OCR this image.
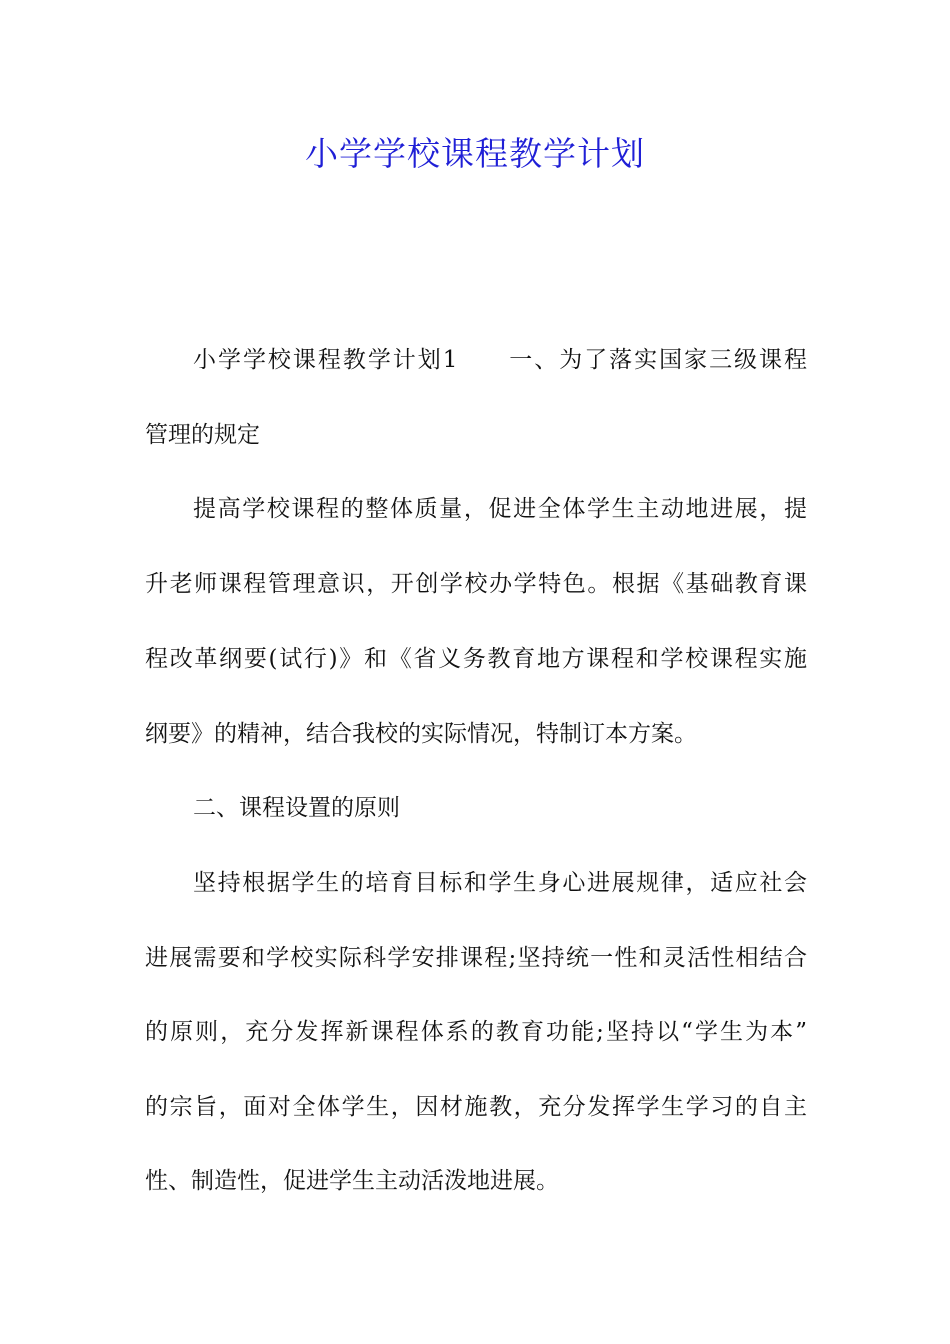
小学学校课程教学计划
小学学校课程教学计划1　　一、为了落实国家三级课程
管理的规定
提高学校课程的整体质量，促进全体学生主动地进展，提
升老师课程管理意识，开创学校办学特色。根据《基础教育课
程改革纲要(试行)》和《省义务教育地方课程和学校课程实施
纲要》的精神，结合我校的实际情况，特制订本方案。
二、课程设置的原则
坚持根据学生的培育目标和学生身心进展规律，适应社会
进展需要和学校实际科学安排课程;坚持统一性和灵活性相结合
的原则，充分发挥新课程体系的教育功能;坚持以“学生为本”
的宗旨，面对全体学生，因材施教，充分发挥学生学习的自主
性、制造性，促进学生主动活泼地进展。
